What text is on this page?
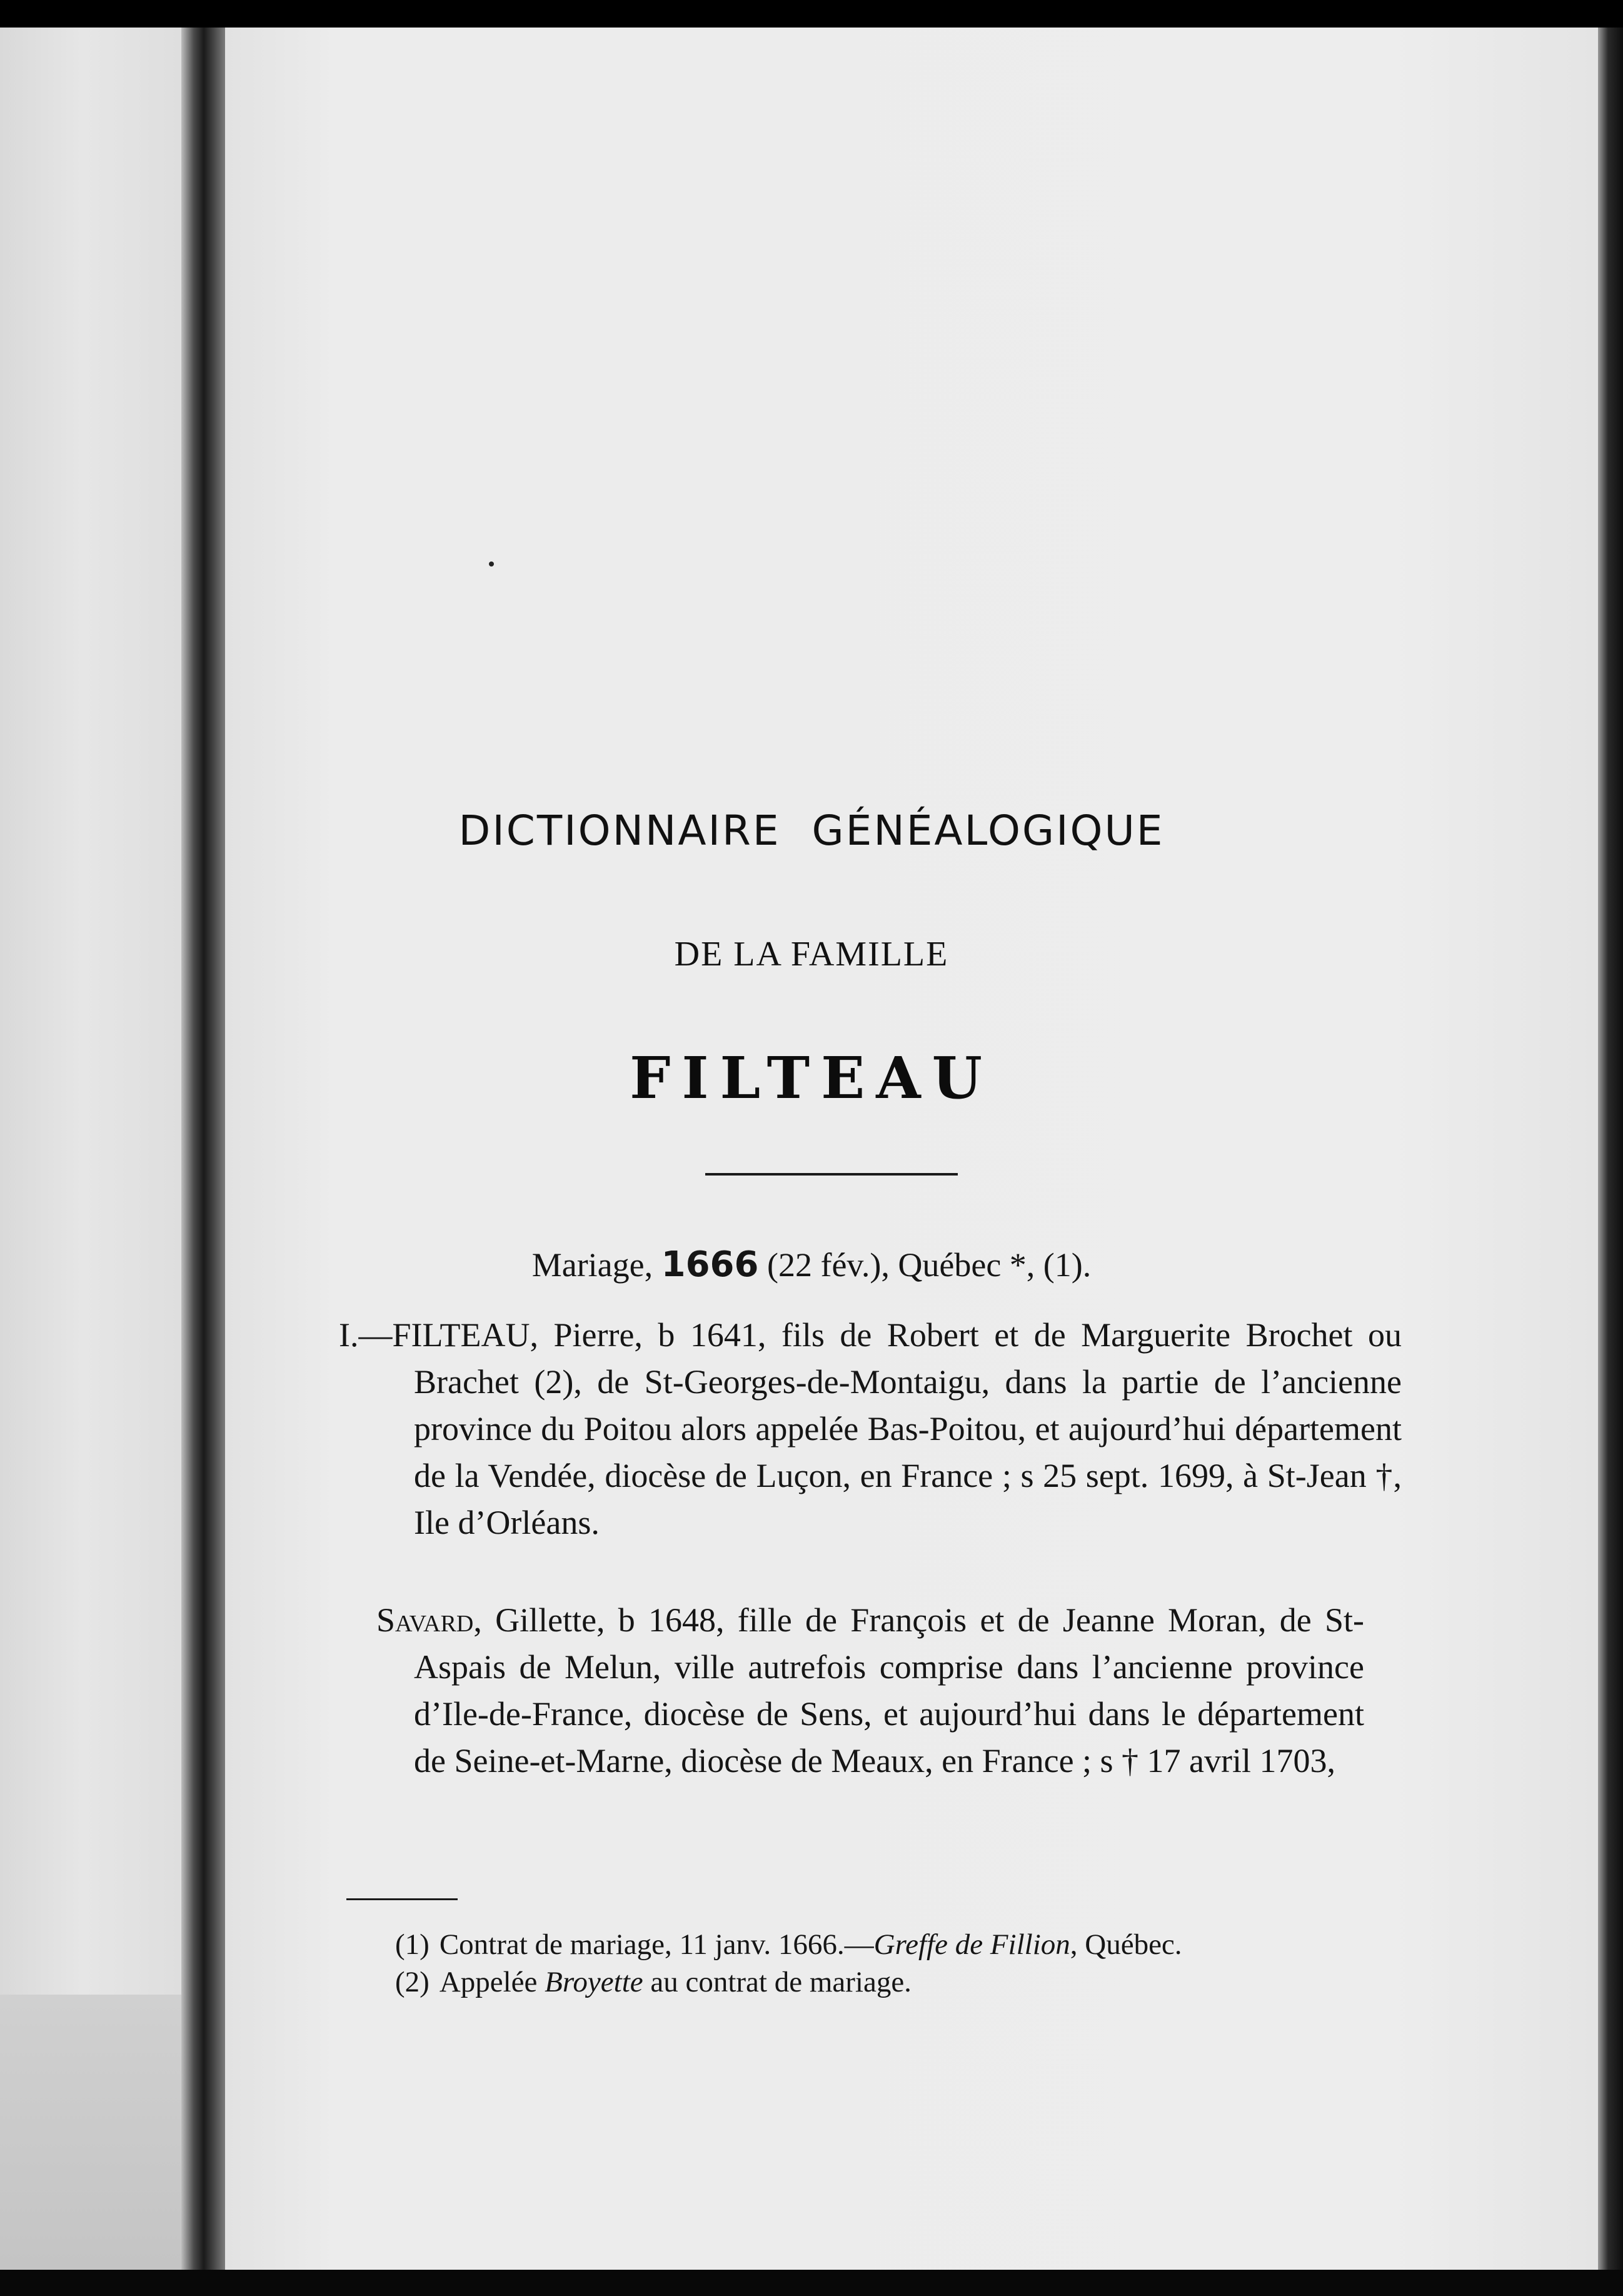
DICTIONNAIRE GÉNÉALOGIQUE
DE LA FAMILLE
FILTEAU
Mariage, 1666 (22 fév.), Québec *, (1).

I.—FILTEAU, Pierre, b 1641, fils de Robert et de Marguerite Brochet ou Brachet (2), de St-Georges-de-Montaigu, dans la partie de l’ancienne province du Poitou alors appelée Bas-Poitou, et aujourd’hui département de la Vendée, diocèse de Luçon, en France ; s 25 sept. 1699, à St-Jean †, Ile d’Orléans.

Savard, Gillette, b 1648, fille de François et de Jeanne Moran, de St-Aspais de Melun, ville autrefois comprise dans l’ancienne province d’Ile-de-France, diocèse de Sens, et aujourd’hui dans le département de Seine-et-Marne, diocèse de Meaux, en France ; s † 17 avril 1703,

(1) Contrat de mariage, 11 janv. 1666.—Greffe de Fillion, Québec.

(2) Appelée Broyette au contrat de mariage.
